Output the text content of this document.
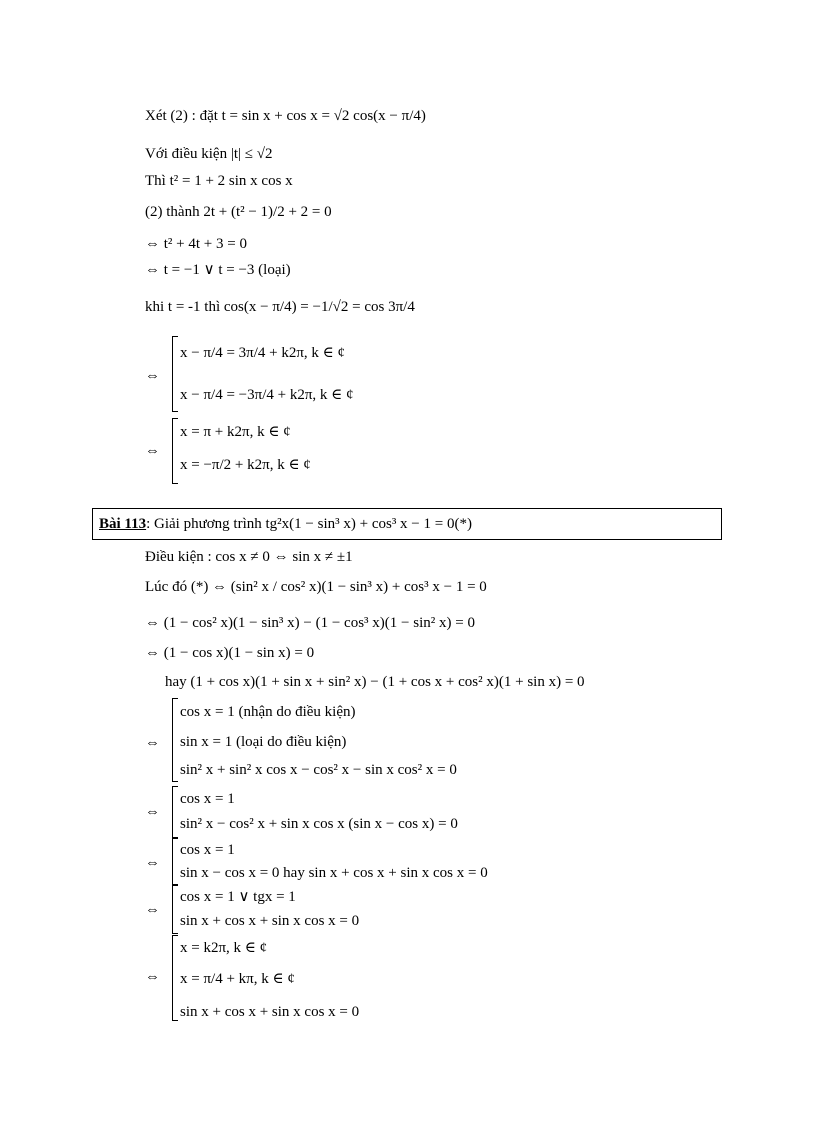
Xét (2) : đặt t = sin x + cos x = √2 cos(x − π/4)
Với điều kiện |t| ≤ √2
Thì t² = 1 + 2 sin x cos x
(2) thành 2t + (t² − 1)/2 + 2 = 0
⇔ t² + 4t + 3 = 0
⇔ t = −1 ∨ t = −3 (loại)
khi t = -1 thì cos(x − π/4) = −1/√2 = cos 3π/4
⇔
x − π/4 = 3π/4 + k2π, k ∈ ¢
x − π/4 = −3π/4 + k2π, k ∈ ¢
⇔
x = π + k2π, k ∈ ¢
x = −π/2 + k2π, k ∈ ¢
Bài 113: Giải phương trình tg²x(1 − sin³ x) + cos³ x − 1 = 0(*)
Điều kiện : cos x ≠ 0 ⇔ sin x ≠ ±1
Lúc đó (*) ⇔ (sin² x / cos² x)(1 − sin³ x) + cos³ x − 1 = 0
⇔ (1 − cos² x)(1 − sin³ x) − (1 − cos³ x)(1 − sin² x) = 0
⇔ (1 − cos x)(1 − sin x) = 0
hay (1 + cos x)(1 + sin x + sin² x) − (1 + cos x + cos² x)(1 + sin x) = 0
⇔
cos x = 1 (nhận do điều kiện)
sin x = 1 (loại do điều kiện)
sin² x + sin² x cos x − cos² x − sin x cos² x = 0
⇔
cos x = 1
sin² x − cos² x + sin x cos x (sin x − cos x) = 0
⇔
cos x = 1
sin x − cos x = 0 hay sin x + cos x + sin x cos x = 0
⇔
cos x = 1 ∨ tgx = 1
sin x + cos x + sin x cos x = 0
⇔
x = k2π, k ∈ ¢
x = π/4 + kπ, k ∈ ¢
sin x + cos x + sin x cos x = 0
